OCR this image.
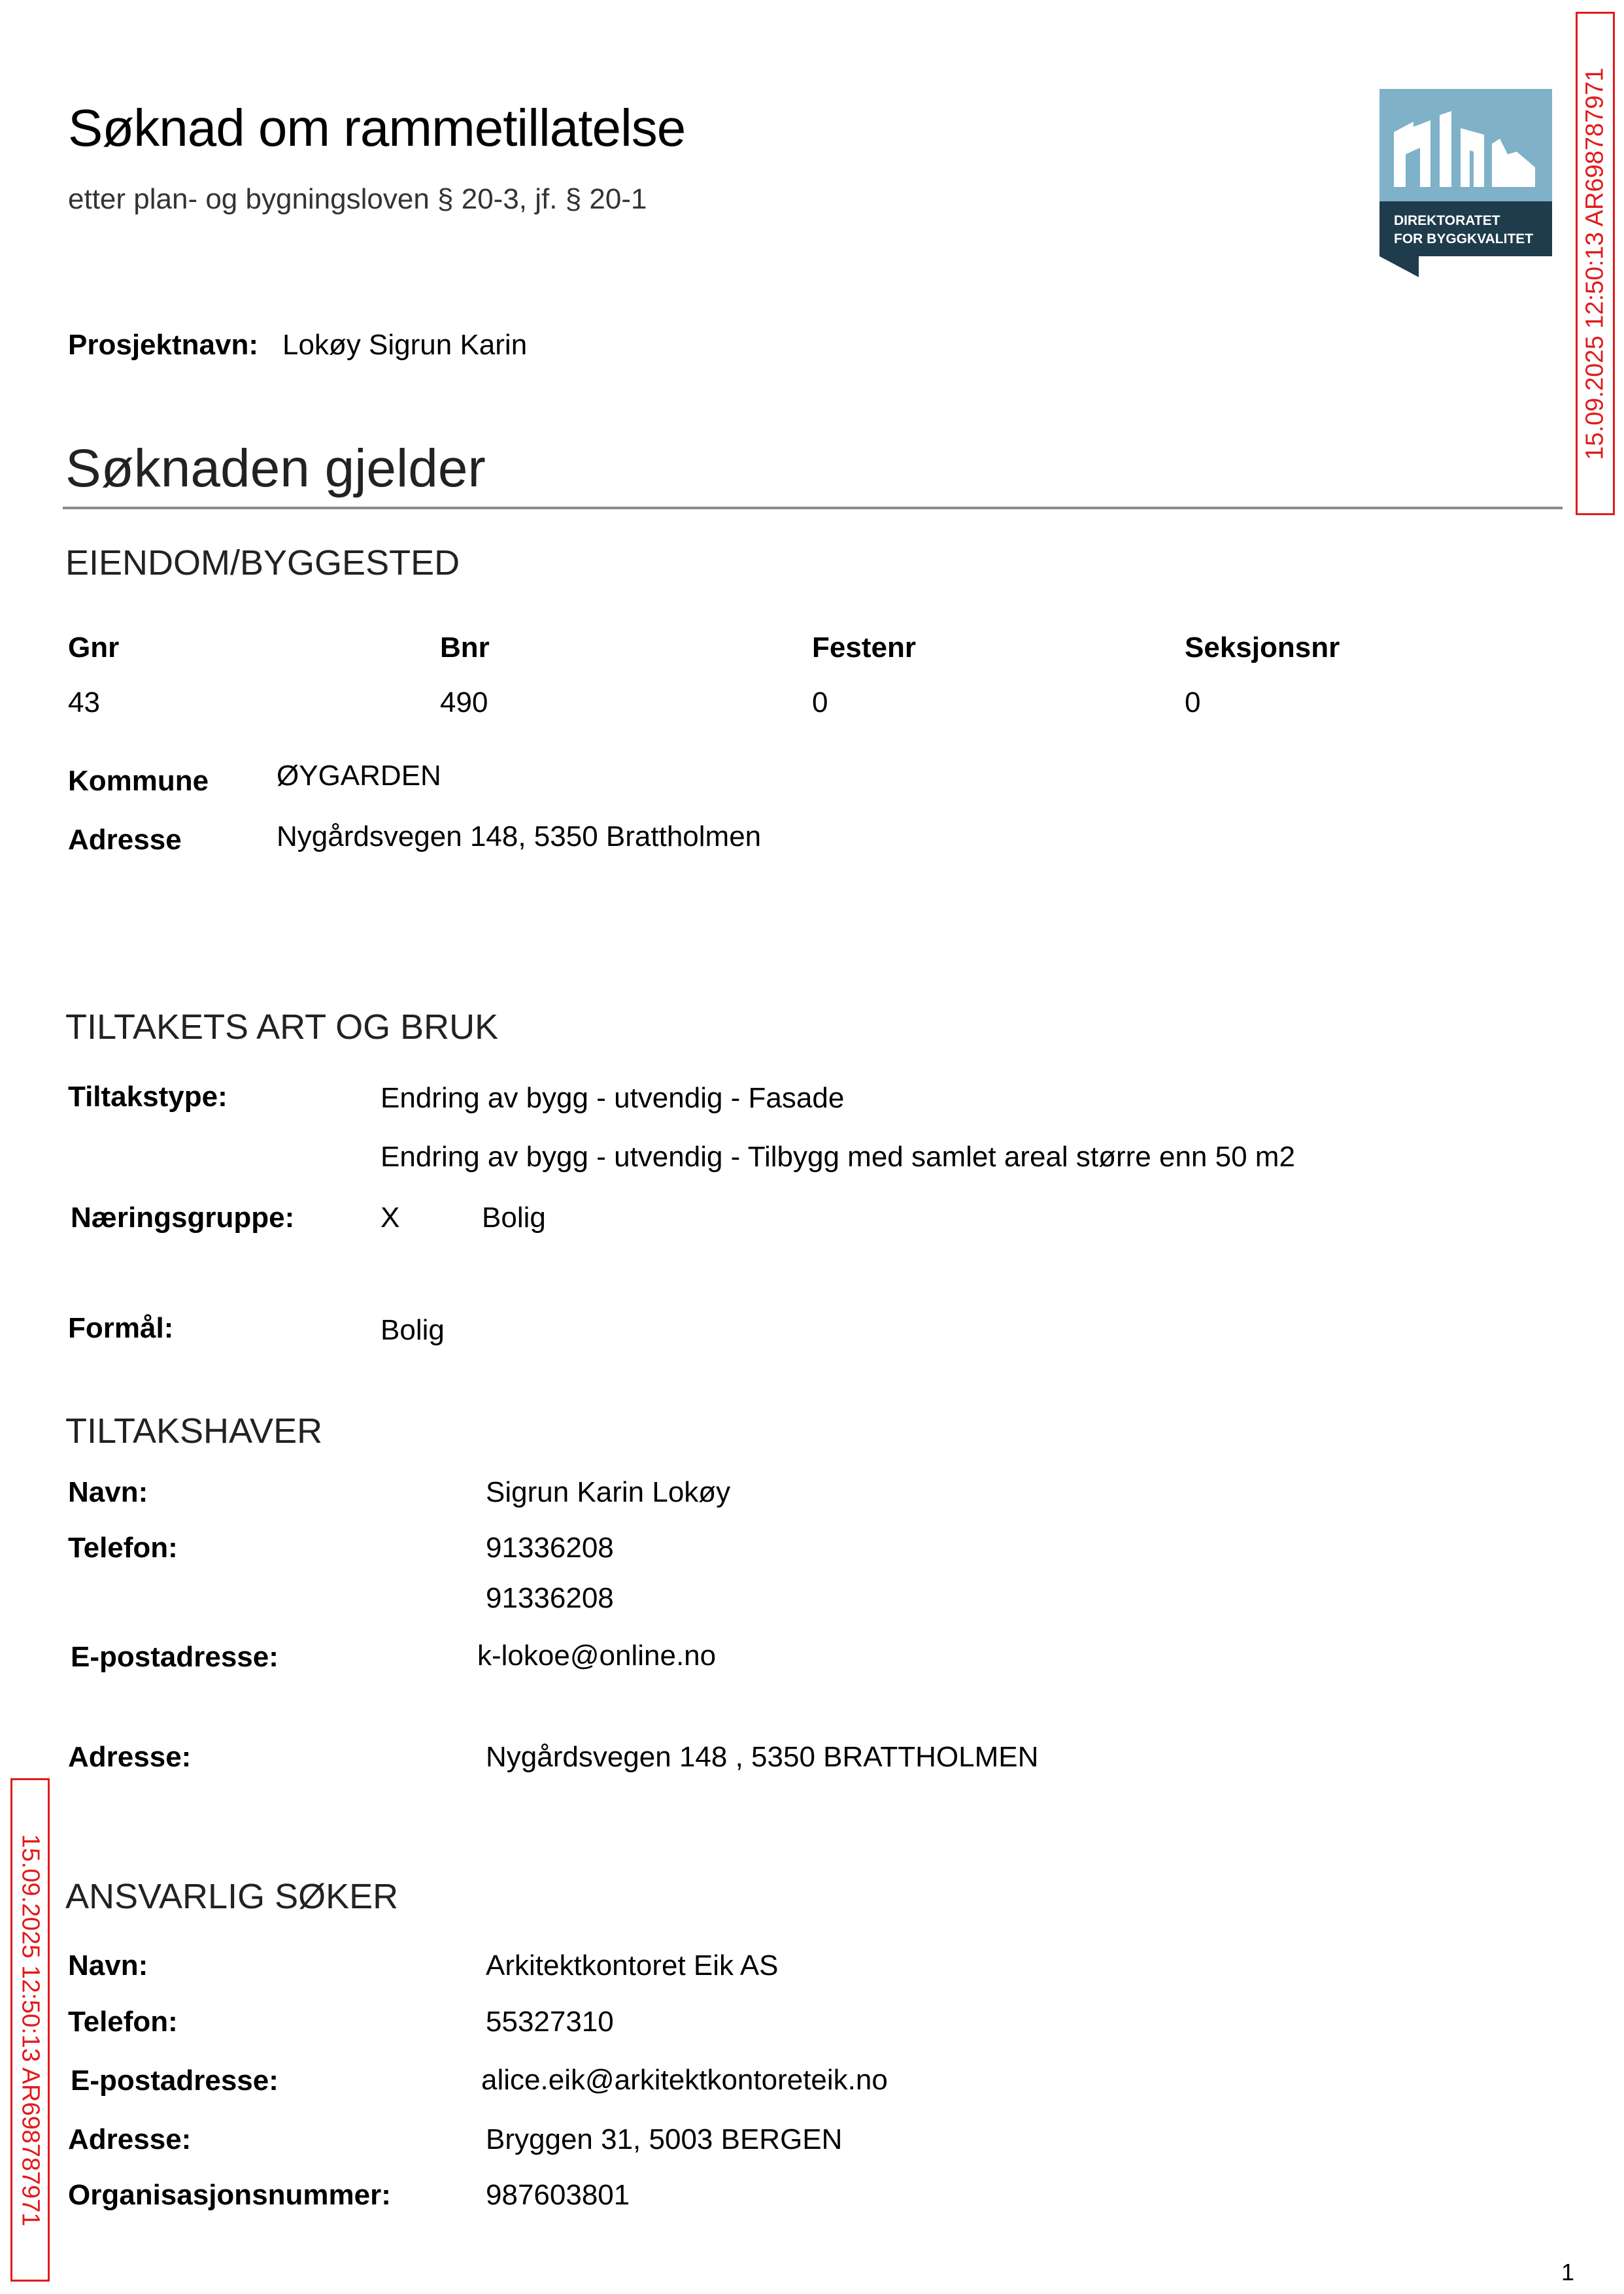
Søknad om rammetillatelse
etter plan- og bygningsloven § 20-3, jf. § 20-1
DIREKTORATET
FOR BYGGKVALITET 15.09.2025 12:50:13 AR698787971
15.09.2025 12:50:13 AR698787971
Prosjektnavn: Lokøy Sigrun Karin
Søknaden gjelder
EIENDOM/BYGGESTED
Gnr	Bnr	Festenr	Seksjonsnr
43	490	0	0
Kommune ØYGARDEN
Adresse	Nygårdsvegen 148, 5350 Brattholmen
TILTAKETS ART OG BRUK
Tiltakstype:	Endring av bygg - utvendig - Fasade
Endring av bygg - utvendig - Tilbygg med samlet areal større enn 50 m2
Næringsgruppe:	X	Bolig
Formål:	Bolig
TILTAKSHAVER
Navn:	Sigrun Karin Lokøy
Telefon:	91336208
91336208
E-postadresse:	k-lokoe@online.no
Adresse:	Nygårdsvegen 148 , 5350 BRATTHOLMEN
ANSVARLIG SØKER
Navn:	Arkitektkontoret Eik AS
Telefon:	55327310
E-postadresse:	alice.eik@arkitektkontoreteik.no
Adresse:	Bryggen 31, 5003 BERGEN
Organisasjonsnummer:	987603801
1
